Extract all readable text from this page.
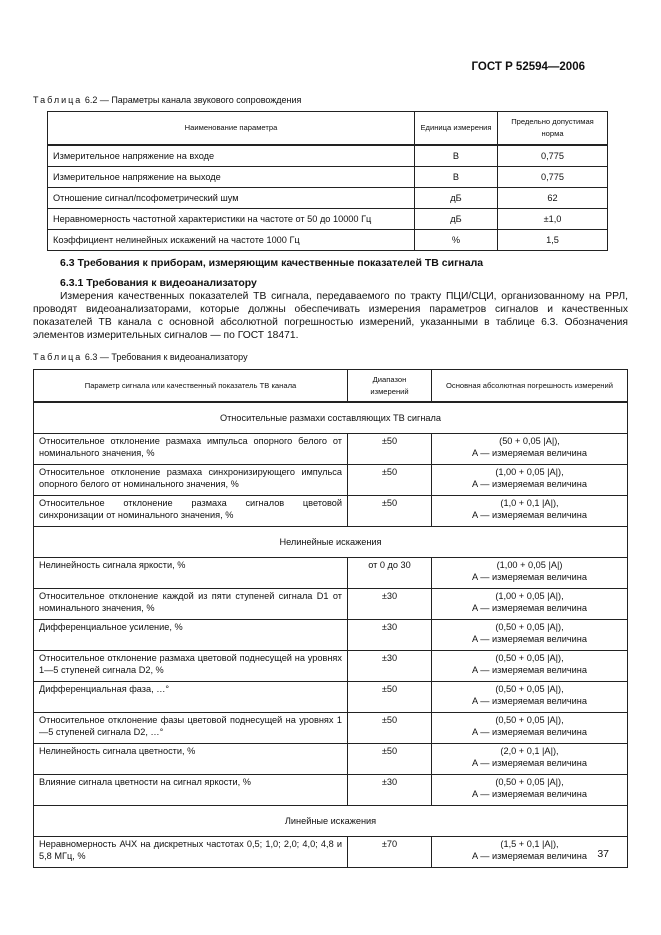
ГОСТ Р 52594—2006
Таблица 6.2 — Параметры канала звукового сопровождения
Наименование параметра	Единица измерения	Предельно допустимая норма
Измерительное напряжение на входе	В	0,775
Измерительное напряжение на выходе	В	0,775
Отношение сигнал/псофометрический шум	дБ	62
Неравномерность частотной характеристики на частоте от 50 до 10000 Гц	дБ	±1,0
Коэффициент нелинейных искажений на частоте 1000 Гц	%	1,5
6.3 Требования к приборам, измеряющим качественные показателей ТВ сигнала
6.3.1 Требования к видеоанализатору
Измерения качественных показателей ТВ сигнала, передаваемого по тракту ПЦИ/СЦИ, организованному на РРЛ, проводят видеоанализаторами, которые должны обеспечивать измерения параметров сигналов и качественных показателей ТВ канала с основной абсолютной погрешностью измерений, указанными в таблице 6.3. Обозначения элементов измерительных сигналов — по ГОСТ 18471.
Таблица 6.3 — Требования к видеоанализатору
Параметр сигнала или качественный показатель ТВ канала	Диапазон измерений	Основная абсолютная погрешность измерений
Относительные размахи составляющих ТВ сигнала		
Относительное отклонение размаха импульса опорного белого от номинального значения, %	±50	(50 + 0,05 |A|),
A — измеряемая величина

Относительное отклонение размаха синхронизирующего импульса опорного белого от номинального значения, %	±50	(1,00 + 0,05 |A|),
A — измеряемая величина

Относительное отклонение размаха сигналов цветовой синхронизации от номинального значения, %	±50	(1,0 + 0,1 |A|),
A — измеряемая величина

Нелинейные искажения		
Нелинейность сигнала яркости, %	от 0 до 30	(1,00 + 0,05 |A|)
A — измеряемая величина

Относительное отклонение каждой из пяти ступеней сигнала D1 от номинального значения, %	±30	(1,00 + 0,05 |A|),
A — измеряемая величина

Дифференциальное усиление, %	±30	(0,50 + 0,05 |A|),
A — измеряемая величина

Относительное отклонение размаха цветовой поднесущей на уровнях 1—5 ступеней сигнала D2, %	±30	(0,50 + 0,05 |A|),
A — измеряемая величина

Дифференциальная фаза, …°	±50	(0,50 + 0,05 |A|),
A — измеряемая величина

Относительное отклонение фазы цветовой поднесущей на уровнях 1—5 ступеней сигнала D2, …°	±50	(0,50 + 0,05 |A|),
A — измеряемая величина

Нелинейность сигнала цветности, %	±50	(2,0 + 0,1 |A|),
A — измеряемая величина

Влияние сигнала цветности на сигнал яркости, %	±30	(0,50 + 0,05 |A|),
A — измеряемая величина

Линейные искажения		
Неравномерность АЧХ на дискретных частотах 0,5; 1,0; 2,0; 4,0; 4,8 и 5,8 МГц, %	±70	(1,5 + 0,1 |A|),
A — измеряемая величина 37
